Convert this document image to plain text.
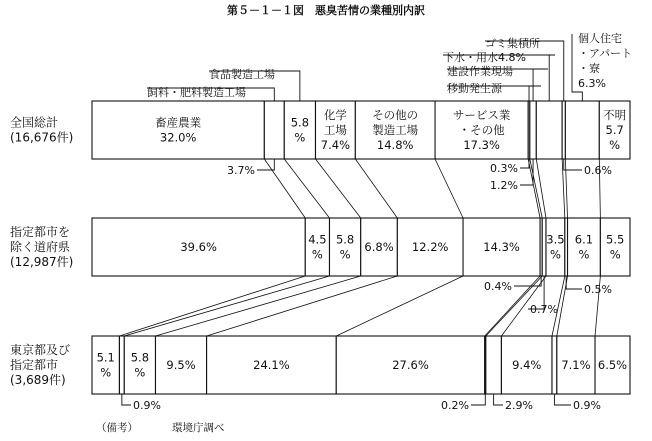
第５－１－１図　悪臭苦情の業種別内訳
畜産農業
32.0%
5.8
%
化学
工場
7.4%
その他の
製造工場
14.8%
サービス業
・その他
17.3%
不明
5.7
%
39.6%
4.5
%
5.8
%
6.8% 12.2%	14.3%
3.5
%
6.1
%
5.5
%
5.1
%
5.8
%
9.5%	24.1%	27.6%	9.4% 7.1% 6.5%
全国総計
(16,676件)
指定都市を
除く道府県
(12,987件)
東京都及び
指定都市
(3,689件)
飼料・肥料製造工場
食品製造工場
移動発生源
建設作業現場
下水・用水4.8%
ゴミ集積所	個人住宅
・アパート
・寮
6.3%
3.7%	0.3%
1.2%
0.6%
0.4%
0.7%
0.5%
0.9%	0.2%	2.9%	0.9%
（備考）	環境庁調べ
